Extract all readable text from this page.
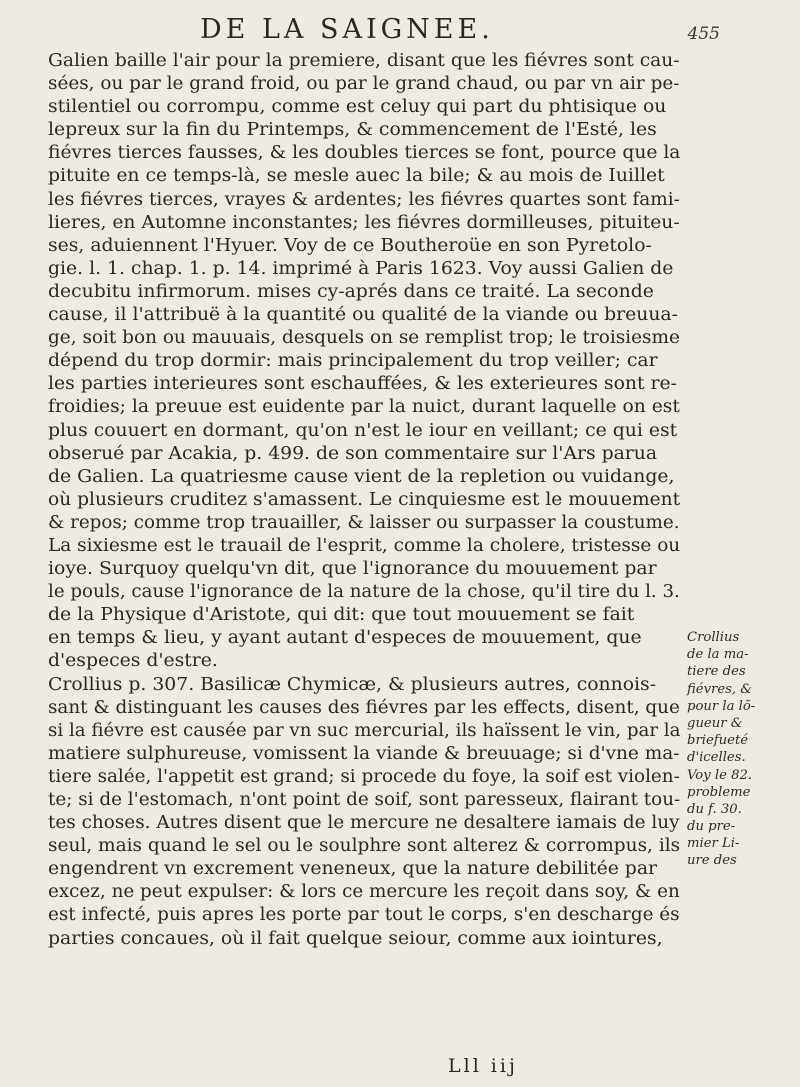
DE LA SAIGNEE.	455
Galien baille l'air pour la premiere, disant que les fiévres sont cau-
sées, ou par le grand froid, ou par le grand chaud, ou par vn air pe-
stilentiel ou corrompu, comme est celuy qui part du phtisique ou
lepreux sur la fin du Printemps, & commencement de l'Esté, les
fiévres tierces fausses, & les doubles tierces se font, pource que la
pituite en ce temps-là, se mesle auec la bile; & au mois de Iuillet
les fiévres tierces, vrayes & ardentes; les fiévres quartes sont fami-
lieres, en Automne inconstantes; les fiévres dormilleuses, pituiteu-
ses, aduiennent l'Hyuer. Voy de ce Boutheroüe en son Pyretolo-
gie. l. 1. chap. 1. p. 14. imprimé à Paris 1623. Voy aussi Galien de
decubitu infirmorum. mises cy-aprés dans ce traité. La seconde
cause, il l'attribuë à la quantité ou qualité de la viande ou breuua-
ge, soit bon ou mauuais, desquels on se remplist trop; le troisiesme
dépend du trop dormir: mais principalement du trop veiller; car
les parties interieures sont eschauffées, & les exterieures sont re-
froidies; la preuue est euidente par la nuict, durant laquelle on est
plus couuert en dormant, qu'on n'est le iour en veillant; ce qui est
obserué par Acakia, p. 499. de son commentaire sur l'Ars parua
de Galien. La quatriesme cause vient de la repletion ou vuidange,
où plusieurs cruditez s'amassent. Le cinquiesme est le mouuement
& repos; comme trop trauailler, & laisser ou surpasser la coustume.
La sixiesme est le trauail de l'esprit, comme la cholere, tristesse ou
ioye. Surquoy quelqu'vn dit, que l'ignorance du mouuement par
le pouls, cause l'ignorance de la nature de la chose, qu'il tire du l. 3.
de la Physique d'Aristote, qui dit: que tout mouuement se fait
en temps & lieu, y ayant autant d'especes de mouuement, que
d'especes d'estre.
Crollius p. 307. Basilicæ Chymicæ, & plusieurs autres, connois-
sant & distinguant les causes des fiévres par les effects, disent, que
si la fiévre est causée par vn suc mercurial, ils haïssent le vin, par la
matiere sulphureuse, vomissent la viande & breuuage; si d'vne ma-
tiere salée, l'appetit est grand; si procede du foye, la soif est violen-
te; si de l'estomach, n'ont point de soif, sont paresseux, flairant tou-
tes choses. Autres disent que le mercure ne desaltere iamais de luy
seul, mais quand le sel ou le soulphre sont alterez & corrompus, ils
engendrent vn excrement veneneux, que la nature debilitée par
excez, ne peut expulser: & lors ce mercure les reçoit dans soy, & en
est infecté, puis apres les porte par tout le corps, s'en descharge és
parties concaues, où il fait quelque seiour, comme aux iointures,
Crollius
de la ma-
tiere des
fiévres, &
pour la lõ-
gueur &
briefueté
d'icelles.
Voy le 82.
probleme
du f. 30.
du pre-
mier Li-
ure des
Lll iij
